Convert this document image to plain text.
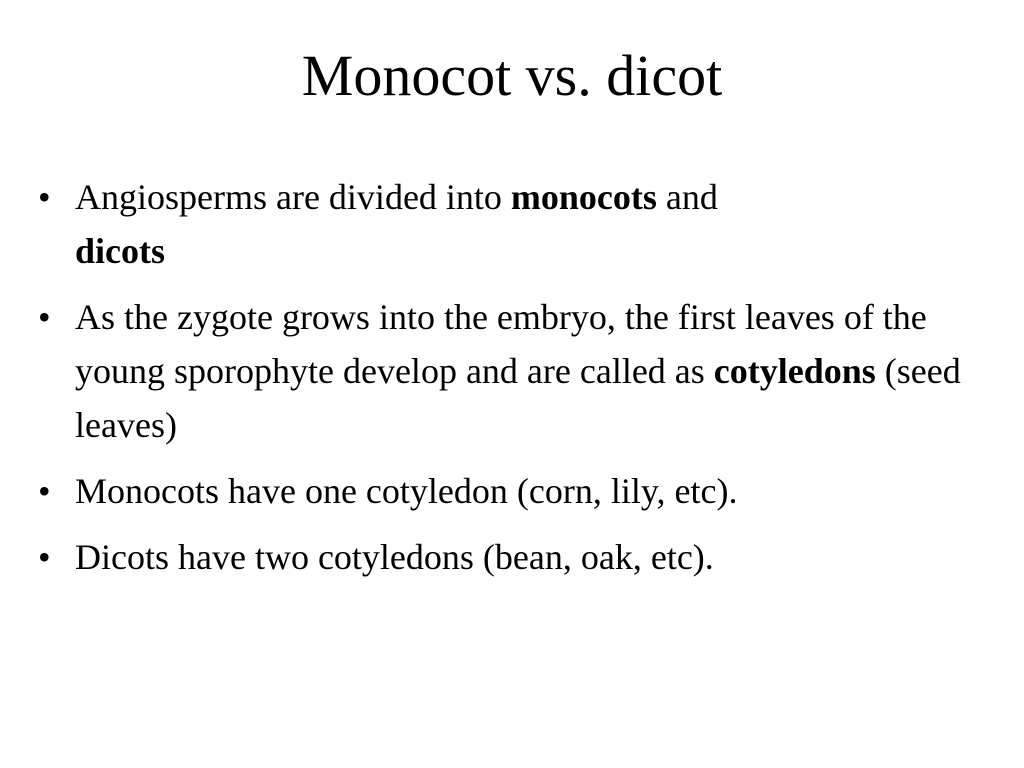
Monocot vs. dicot
• Angiosperms are divided into monocots and
dicots
• As the zygote grows into the embryo, the first leaves of the young sporophyte develop and are called as cotyledons (seed leaves)
• Monocots have one cotyledon (corn, lily, etc).
• Dicots have two cotyledons (bean, oak, etc).
